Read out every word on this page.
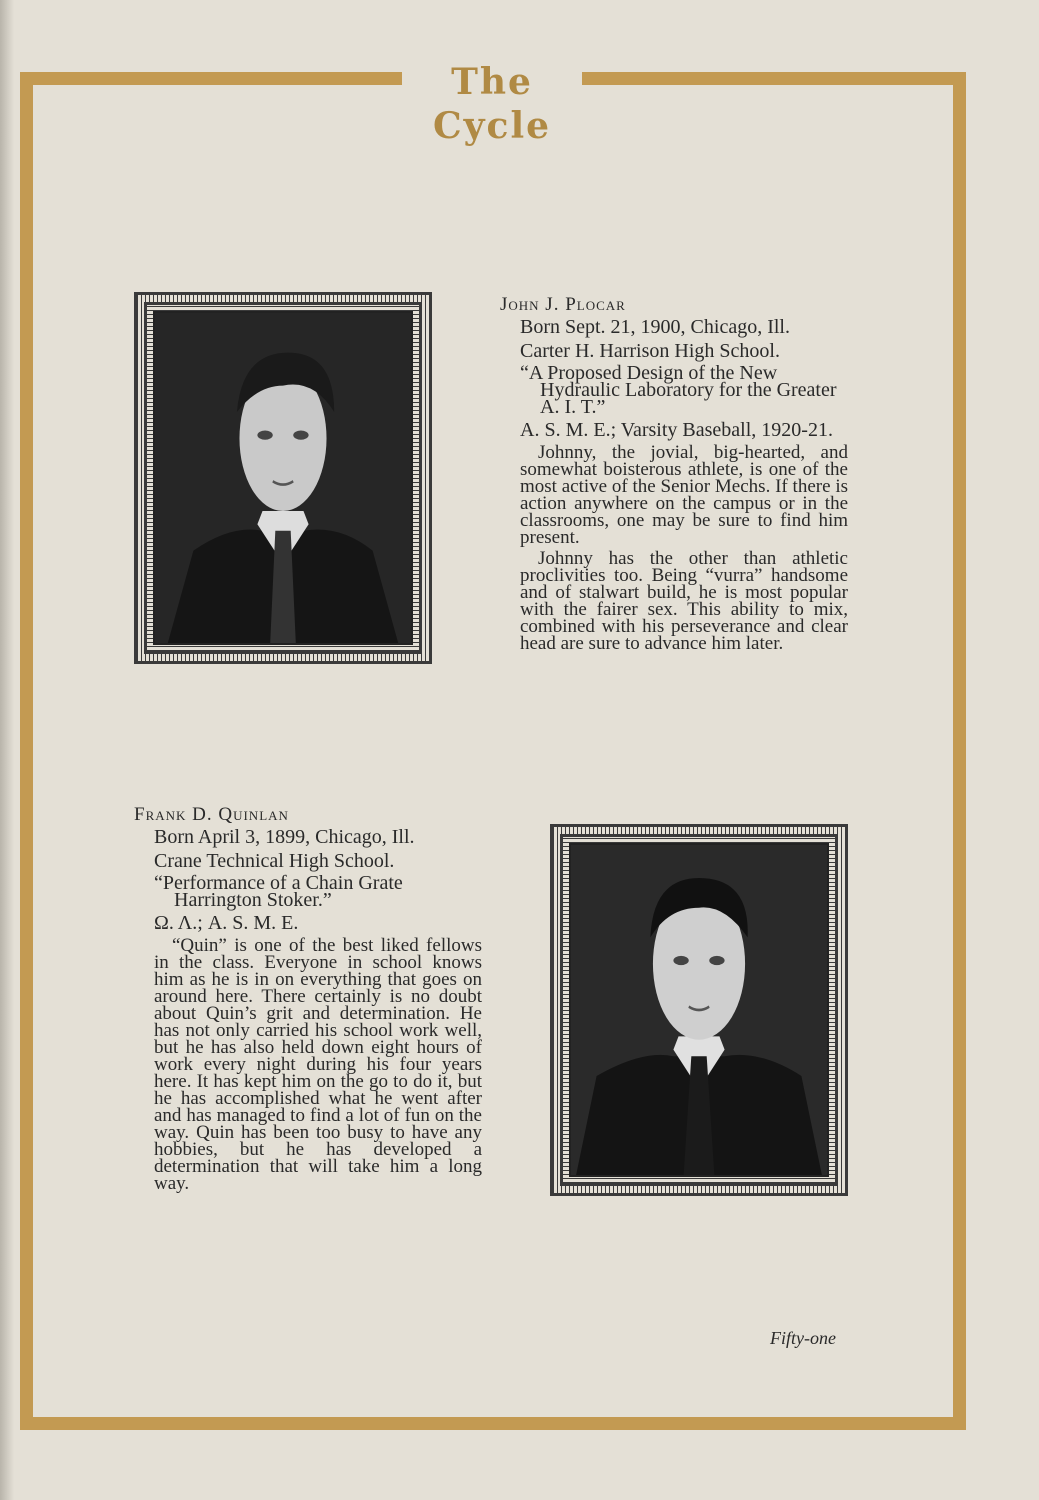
The Cycle
John J. Plocar
Born Sept. 21, 1900, Chicago, Ill.
Carter H. Harrison High School.
“A Proposed Design of the New Hydraulic Laboratory for the Greater A. I. T.”
A. S. M. E.; Varsity Baseball, 1920-21.
Johnny, the jovial, big-hearted, and somewhat boisterous athlete, is one of the most active of the Senior Mechs. If there is action anywhere on the campus or in the classrooms, one may be sure to find him present.
Johnny has the other than athletic proclivities too. Being “vurra” handsome and of stalwart build, he is most popular with the fairer sex. This ability to mix, combined with his perseverance and clear head are sure to advance him later.
Frank D. Quinlan
Born April 3, 1899, Chicago, Ill.
Crane Technical High School.
“Performance of a Chain Grate Harrington Stoker.”
Ω. Λ.; A. S. M. E.
“Quin” is one of the best liked fellows in the class. Everyone in school knows him as he is in on everything that goes on around here. There certainly is no doubt about Quin’s grit and determination. He has not only carried his school work well, but he has also held down eight hours of work every night during his four years here. It has kept him on the go to do it, but he has accomplished what he went after and has managed to find a lot of fun on the way. Quin has been too busy to have any hobbies, but he has developed a determination that will take him a long way.
Fifty-one
